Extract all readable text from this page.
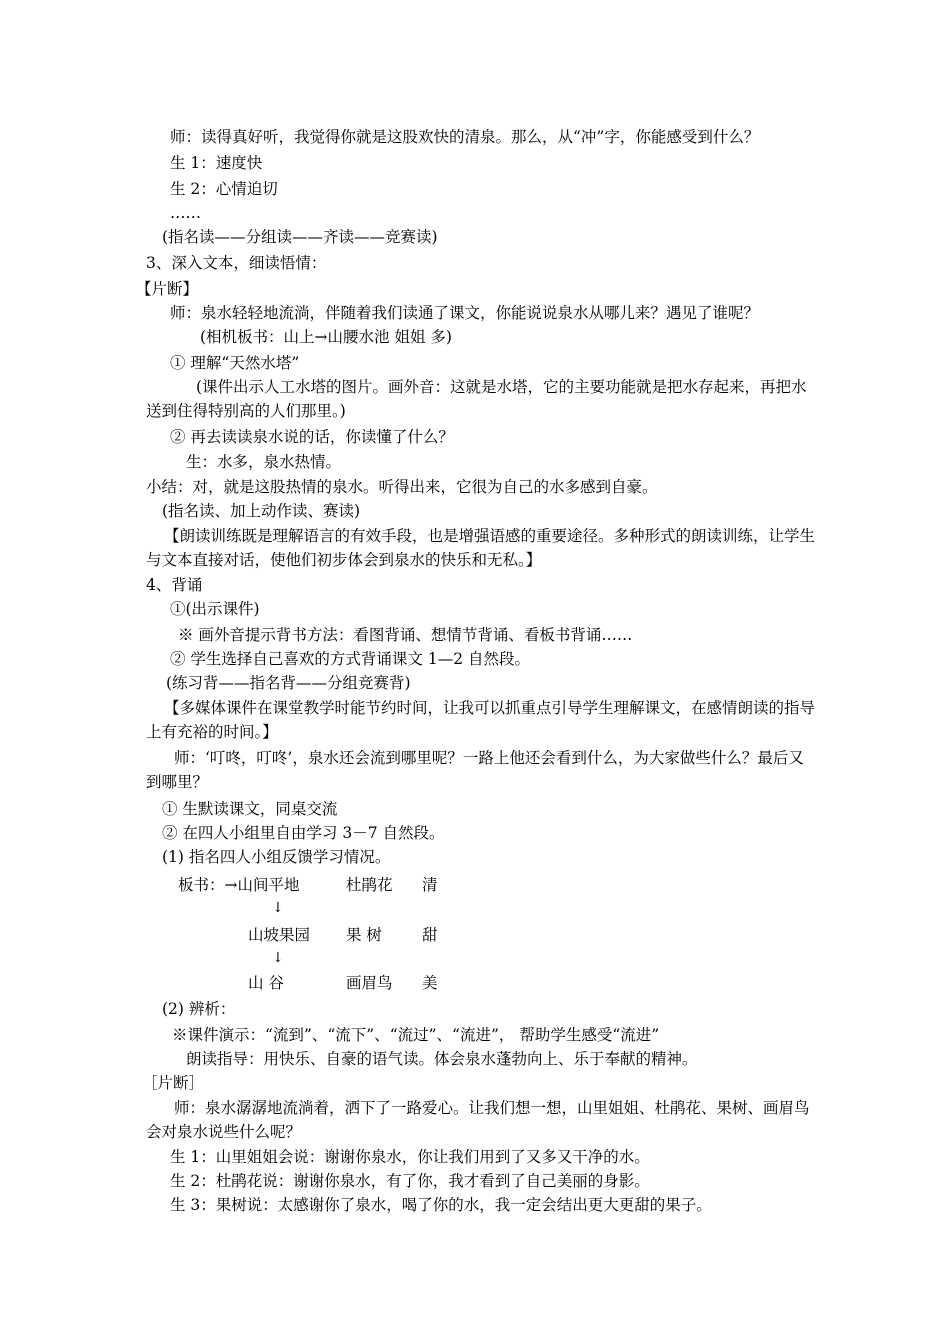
师：读得真好听，我觉得你就是这股欢快的清泉。那么，从“冲”字，你能感受到什么？
生 1：速度快
生 2：心情迫切
……
(指名读——分组读——齐读——竞赛读)
3、深入文本，细读悟情：
【片断】
师：泉水轻轻地流淌，伴随着我们读通了课文，你能说说泉水从哪儿来？遇见了谁呢？
(相机板书：山上→山腰水池 姐姐 多)
① 理解“天然水塔”
(课件出示人工水塔的图片。画外音：这就是水塔，它的主要功能就是把水存起来，再把水送到住得特别高的人们那里。)
② 再去读读泉水说的话，你读懂了什么？
生：水多，泉水热情。
小结：对，就是这股热情的泉水。听得出来，它很为自己的水多感到自豪。
(指名读、加上动作读、赛读)
【朗读训练既是理解语言的有效手段，也是增强语感的重要途径。多种形式的朗读训练，让学生与文本直接对话，使他们初步体会到泉水的快乐和无私。】
4、背诵
①(出示课件)
※ 画外音提示背书方法：看图背诵、想情节背诵、看板书背诵……
② 学生选择自己喜欢的方式背诵课文 1—2 自然段。
(练习背——指名背——分组竞赛背)
【多媒体课件在课堂教学时能节约时间，让我可以抓重点引导学生理解课文，在感情朗读的指导上有充裕的时间。】
师：‘叮咚，叮咚’，泉水还会流到哪里呢？一路上他还会看到什么，为大家做些什么？最后又到哪里？
① 生默读课文，同桌交流
② 在四人小组里自由学习 3－7 自然段。
(1) 指名四人小组反馈学习情况。
板书：→山间平地	杜鹃花 清
↓
山坡果园 果 树	甜
↓
山 谷	画眉鸟 美
(2) 辨析：
※课件演示：“流到”、“流下”、“流过”、“流进”， 帮助学生感受“流进”
朗读指导：用快乐、自豪的语气读。体会泉水蓬勃向上、乐于奉献的精神。
［片断］
师：泉水潺潺地流淌着，洒下了一路爱心。让我们想一想，山里姐姐、杜鹃花、果树、画眉鸟会对泉水说些什么呢？
生 1：山里姐姐会说：谢谢你泉水，你让我们用到了又多又干净的水。
生 2：杜鹃花说：谢谢你泉水，有了你，我才看到了自己美丽的身影。
生 3：果树说：太感谢你了泉水，喝了你的水，我一定会结出更大更甜的果子。
